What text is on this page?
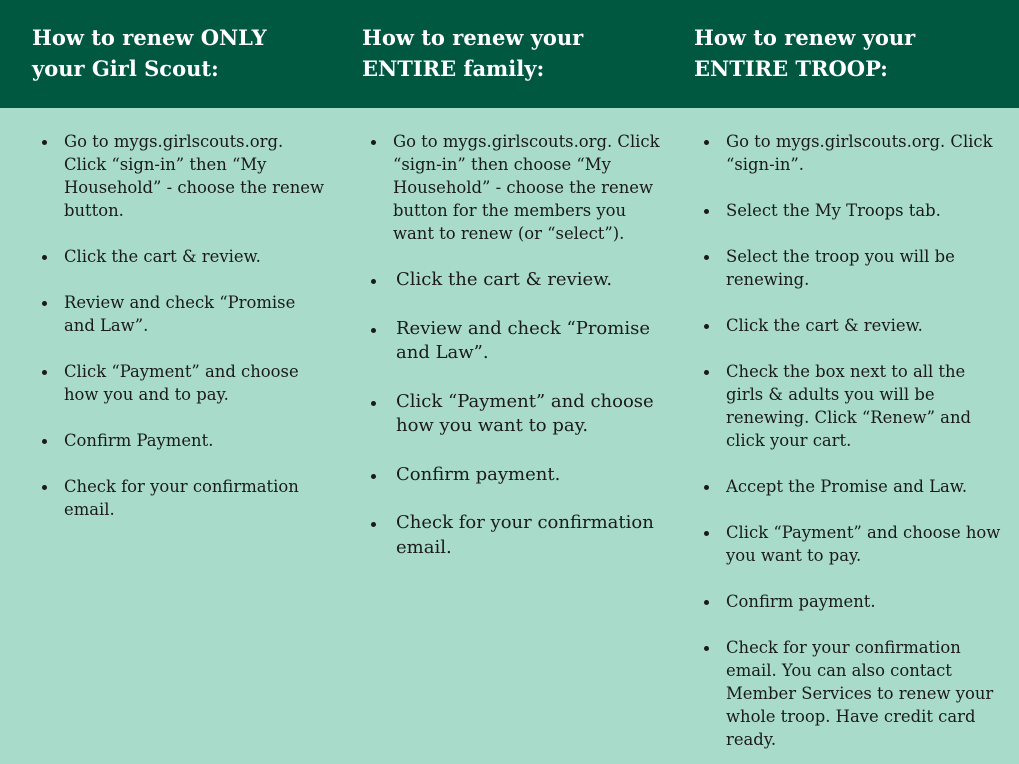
How to renew ONLY
your Girl Scout:
How to renew your
ENTIRE family:
How to renew your
ENTIRE TROOP:
Go to mygs.girlscouts.org. Click “sign-in” then “My Household” - choose the renew button.
Click the cart & review.
Review and check “Promise and Law”.
Click “Payment” and choose how you and to pay.
Confirm Payment.
Check for your confirmation email.
Go to mygs.girlscouts.org. Click “sign-in” then choose “My Household” - choose the renew button for the members you want to renew (or “select”).
Click the cart & review.
Review and check “Promise and Law”.
Click “Payment” and choose how you want to pay.
Confirm payment.
Check for your confirmation email.
Go to mygs.girlscouts.org. Click “sign-in”.
Select the My Troops tab.
Select the troop you will be renewing.
Click the cart & review.
Check the box next to all the girls & adults you will be renewing. Click “Renew” and click your cart.
Accept the Promise and Law.
Click “Payment” and choose how you want to pay.
Confirm payment.
Check for your confirmation email. You can also contact Member Services to renew your whole troop. Have credit card ready.
